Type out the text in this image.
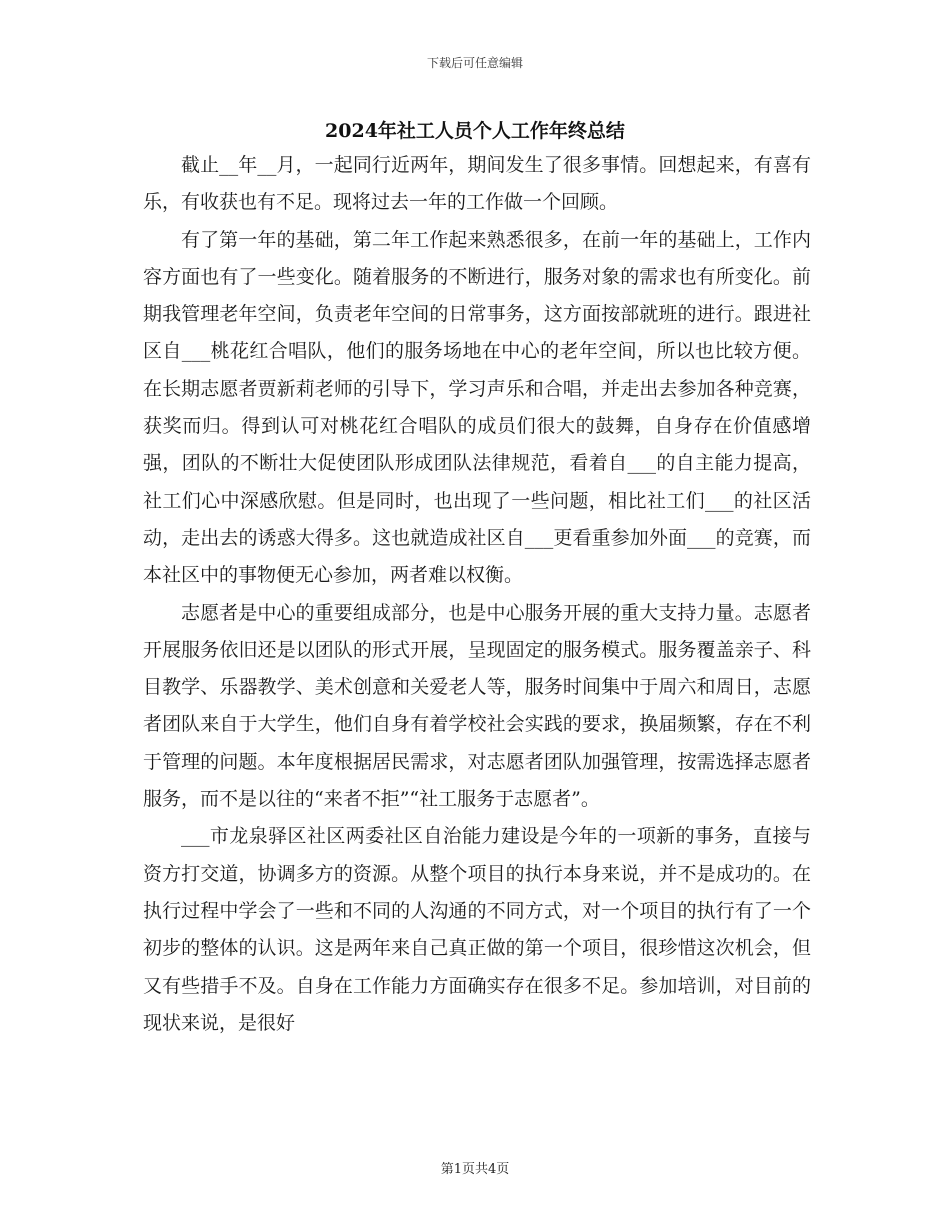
下载后可任意编辑
2024年社工人员个人工作年终总结

截止__年__月，一起同行近两年，期间发生了很多事情。回想起来，有喜有乐，有收获也有不足。现将过去一年的工作做一个回顾。

有了第一年的基础，第二年工作起来熟悉很多，在前一年的基础上，工作内容方面也有了一些变化。随着服务的不断进行，服务对象的需求也有所变化。前期我管理老年空间，负责老年空间的日常事务，这方面按部就班的进行。跟进社区自___桃花红合唱队，他们的服务场地在中心的老年空间，所以也比较方便。在长期志愿者贾新莉老师的引导下，学习声乐和合唱，并走出去参加各种竞赛，获奖而归。得到认可对桃花红合唱队的成员们很大的鼓舞，自身存在价值感增强，团队的不断壮大促使团队形成团队法律规范，看着自___的自主能力提高，社工们心中深感欣慰。但是同时，也出现了一些问题，相比社工们___的社区活动，走出去的诱惑大得多。这也就造成社区自___更看重参加外面___的竞赛，而本社区中的事物便无心参加，两者难以权衡。

志愿者是中心的重要组成部分，也是中心服务开展的重大支持力量。志愿者开展服务依旧还是以团队的形式开展，呈现固定的服务模式。服务覆盖亲子、科目教学、乐器教学、美术创意和关爱老人等，服务时间集中于周六和周日，志愿者团队来自于大学生，他们自身有着学校社会实践的要求，换届频繁，存在不利于管理的问题。本年度根据居民需求，对志愿者团队加强管理，按需选择志愿者服务，而不是以往的“来者不拒”“社工服务于志愿者”。

___市龙泉驿区社区两委社区自治能力建设是今年的一项新的事务，直接与资方打交道，协调多方的资源。从整个项目的执行本身来说，并不是成功的。在执行过程中学会了一些和不同的人沟通的不同方式，对一个项目的执行有了一个初步的整体的认识。这是两年来自己真正做的第一个项目，很珍惜这次机会，但又有些措手不及。自身在工作能力方面确实存在很多不足。参加培训，对目前的现状来说，是很好

第1页共4页
